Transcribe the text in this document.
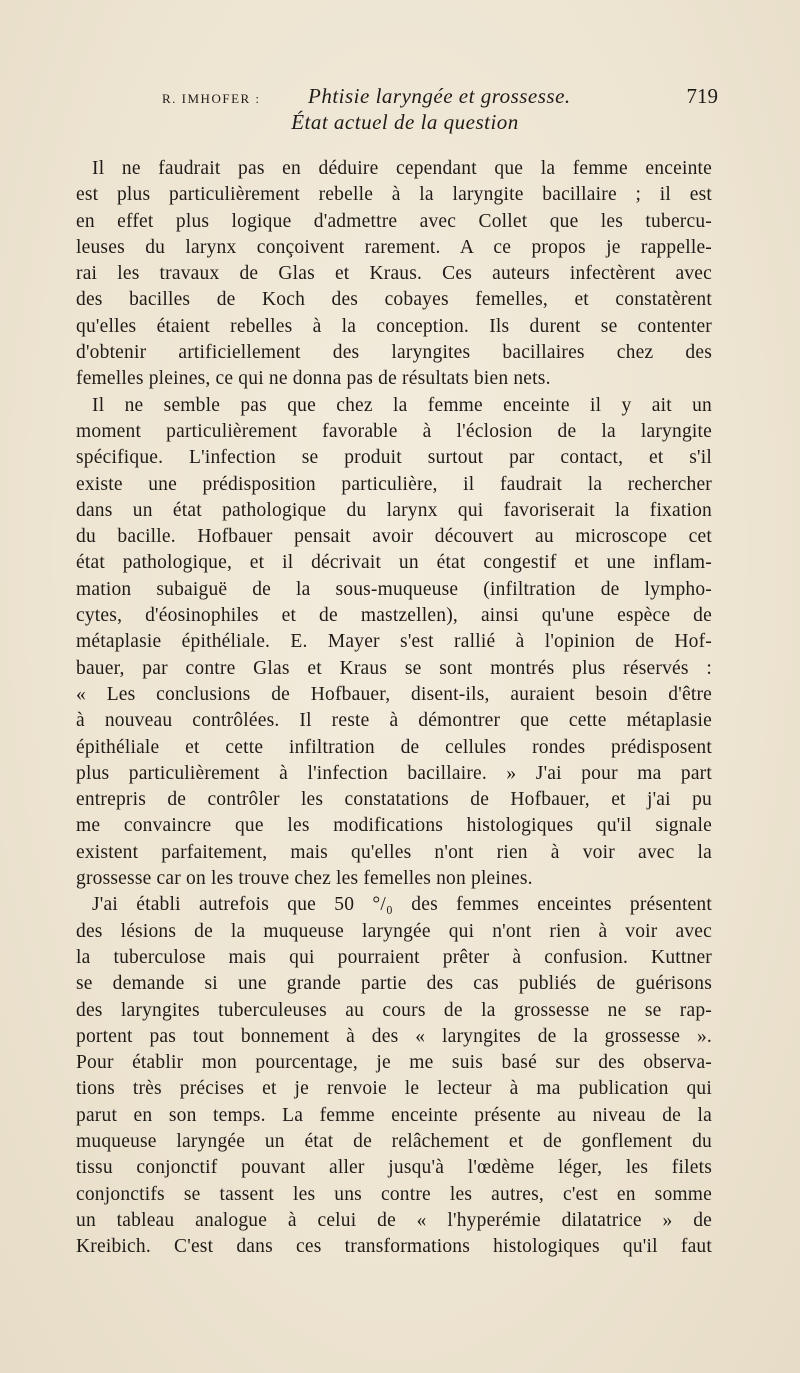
R. IMHOFER : Phtisie laryngée et grossesse.	719
État actuel de la question
Il ne faudrait pas en déduire cependant que la femme enceinte
est plus particulièrement rebelle à la laryngite bacillaire ; il est
en effet plus logique d'admettre avec Collet que les tubercu-
leuses du larynx conçoivent rarement. A ce propos je rappelle-
rai les travaux de Glas et Kraus. Ces auteurs infectèrent avec
des bacilles de Koch des cobayes femelles, et constatèrent
qu'elles étaient rebelles à la conception. Ils durent se contenter
d'obtenir artificiellement des laryngites bacillaires chez des
femelles pleines, ce qui ne donna pas de résultats bien nets.
Il ne semble pas que chez la femme enceinte il y ait un
moment particulièrement favorable à l'éclosion de la laryngite
spécifique. L'infection se produit surtout par contact, et s'il
existe une prédisposition particulière, il faudrait la rechercher
dans un état pathologique du larynx qui favoriserait la fixation
du bacille. Hofbauer pensait avoir découvert au microscope cet
état pathologique, et il décrivait un état congestif et une inflam-
mation subaiguë de la sous-muqueuse (infiltration de lympho-
cytes, d'éosinophiles et de mastzellen), ainsi qu'une espèce de
métaplasie épithéliale. E. Mayer s'est rallié à l'opinion de Hof-
bauer, par contre Glas et Kraus se sont montrés plus réservés :
« Les conclusions de Hofbauer, disent-ils, auraient besoin d'être
à nouveau contrôlées. Il reste à démontrer que cette métaplasie
épithéliale et cette infiltration de cellules rondes prédisposent
plus particulièrement à l'infection bacillaire. » J'ai pour ma part
entrepris de contrôler les constatations de Hofbauer, et j'ai pu
me convaincre que les modifications histologiques qu'il signale
existent parfaitement, mais qu'elles n'ont rien à voir avec la
grossesse car on les trouve chez les femelles non pleines.
J'ai établi autrefois que 50 °/₀ des femmes enceintes présentent
des lésions de la muqueuse laryngée qui n'ont rien à voir avec
la tuberculose mais qui pourraient prêter à confusion. Kuttner
se demande si une grande partie des cas publiés de guérisons
des laryngites tuberculeuses au cours de la grossesse ne se rap-
portent pas tout bonnement à des « laryngites de la grossesse ».
Pour établir mon pourcentage, je me suis basé sur des observa-
tions très précises et je renvoie le lecteur à ma publication qui
parut en son temps. La femme enceinte présente au niveau de la
muqueuse laryngée un état de relâchement et de gonflement du
tissu conjonctif pouvant aller jusqu'à l'œdème léger, les filets
conjonctifs se tassent les uns contre les autres, c'est en somme
un tableau analogue à celui de « l'hyperémie dilatatrice » de
Kreibich. C'est dans ces transformations histologiques qu'il faut
